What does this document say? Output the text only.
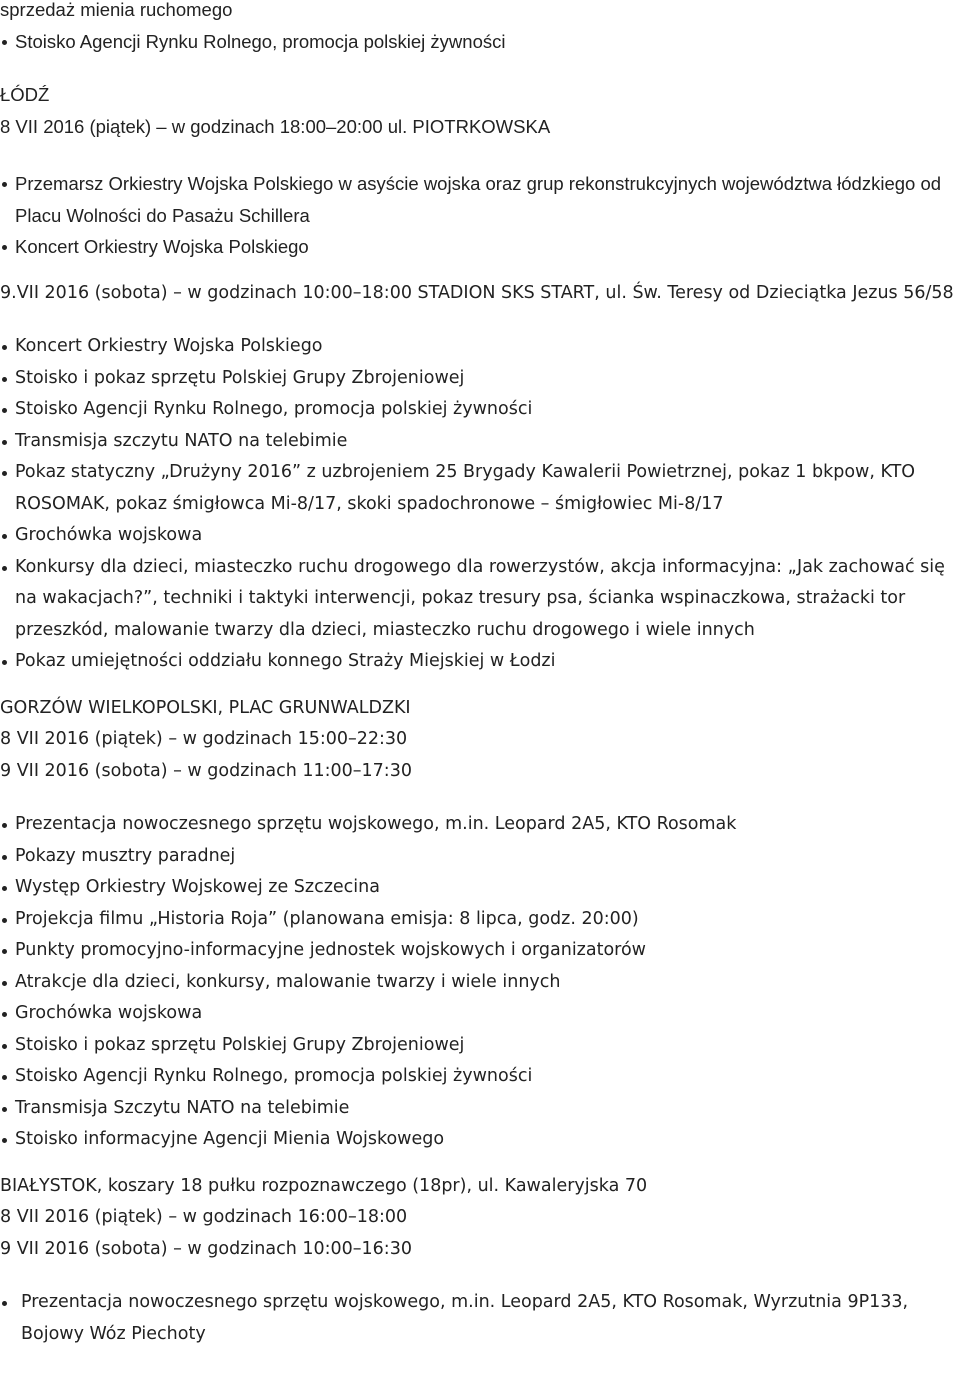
sprzedaż mienia ruchomego

Stoisko Agencji Rynku Rolnego, promocja polskiej żywności

ŁÓDŹ

8 VII 2016 (piątek) – w godzinach 18:00–20:00 ul. PIOTRKOWSKA

Przemarsz Orkiestry Wojska Polskiego w asyście wojska oraz grup rekonstrukcyjnych województwa łódzkiego od Placu Wolności do Pasażu Schillera
Koncert Orkiestry Wojska Polskiego

9.VII 2016 (sobota) – w godzinach 10:00–18:00 STADION SKS START, ul. Św. Teresy od Dzieciątka Jezus 56/58

Koncert Orkiestry Wojska Polskiego
Stoisko i pokaz sprzętu Polskiej Grupy Zbrojeniowej
Stoisko Agencji Rynku Rolnego, promocja polskiej żywności
Transmisja szczytu NATO na telebimie
Pokaz statyczny „Drużyny 2016” z uzbrojeniem 25 Brygady Kawalerii Powietrznej, pokaz 1 bkpow, KTO ROSOMAK, pokaz śmigłowca Mi-8/17, skoki spadochronowe – śmigłowiec Mi-8/17
Grochówka wojskowa
Konkursy dla dzieci, miasteczko ruchu drogowego dla rowerzystów, akcja informacyjna: „Jak zachować się na wakacjach?”, techniki i taktyki interwencji, pokaz tresury psa, ścianka wspinaczkowa, strażacki tor przeszkód, malowanie twarzy dla dzieci, miasteczko ruchu drogowego i wiele innych
Pokaz umiejętności oddziału konnego Straży Miejskiej w Łodzi

GORZÓW WIELKOPOLSKI, PLAC GRUNWALDZKI

8 VII 2016 (piątek) – w godzinach 15:00–22:30

9 VII 2016 (sobota) – w godzinach 11:00–17:30

Prezentacja nowoczesnego sprzętu wojskowego, m.in. Leopard 2A5, KTO Rosomak
Pokazy musztry paradnej
Występ Orkiestry Wojskowej ze Szczecina
Projekcja filmu „Historia Roja” (planowana emisja: 8 lipca, godz. 20:00)
Punkty promocyjno-informacyjne jednostek wojskowych i organizatorów
Atrakcje dla dzieci, konkursy, malowanie twarzy i wiele innych
Grochówka wojskowa
Stoisko i pokaz sprzętu Polskiej Grupy Zbrojeniowej
Stoisko Agencji Rynku Rolnego, promocja polskiej żywności
Transmisja Szczytu NATO na telebimie
Stoisko informacyjne Agencji Mienia Wojskowego

BIAŁYSTOK, koszary 18 pułku rozpoznawczego (18pr), ul. Kawaleryjska 70

8 VII 2016 (piątek) – w godzinach 16:00–18:00

9 VII 2016 (sobota) – w godzinach 10:00–16:30

Prezentacja nowoczesnego sprzętu wojskowego, m.in. Leopard 2A5, KTO Rosomak, Wyrzutnia 9P133, Bojowy Wóz Piechoty
